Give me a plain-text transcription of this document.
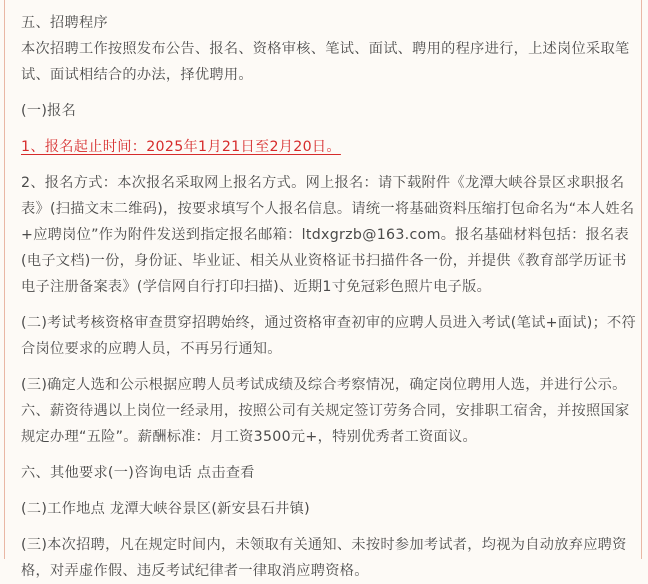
五、招聘程序

本次招聘工作按照发布公告、报名、资格审核、笔试、面试、聘用的程序进行，上述岗位采取笔试、面试相结合的办法，择优聘用。

(一)报名

1、报名起止时间：2025年1月21日至2月20日。

2、报名方式：本次报名采取网上报名方式。网上报名：请下载附件《龙潭大峡谷景区求职报名表》(扫描文末二维码)，按要求填写个人报名信息。请统一将基础资料压缩打包命名为“本人姓名+应聘岗位”作为附件发送到指定报名邮箱：ltdxgrzb@163.com。报名基础材料包括：报名表(电子文档)一份，身份证、毕业证、相关从业资格证书扫描件各一份，并提供《教育部学历证书电子注册备案表》(学信网自行打印扫描)、近期1寸免冠彩色照片电子版。

(二)考试考核资格审查贯穿招聘始终，通过资格审查初审的应聘人员进入考试(笔试+面试)；不符合岗位要求的应聘人员，不再另行通知。

(三)确定人选和公示根据应聘人员考试成绩及综合考察情况，确定岗位聘用人选，并进行公示。六、薪资待遇以上岗位一经录用，按照公司有关规定签订劳务合同，安排职工宿舍，并按照国家规定办理“五险”。薪酬标准：月工资3500元+，特别优秀者工资面议。

六、其他要求(一)咨询电话 点击查看

(二)工作地点 龙潭大峡谷景区(新安县石井镇)

(三)本次招聘，凡在规定时间内，未领取有关通知、未按时参加考试者，均视为自动放弃应聘资格，对弄虚作假、违反考试纪律者一律取消应聘资格。
